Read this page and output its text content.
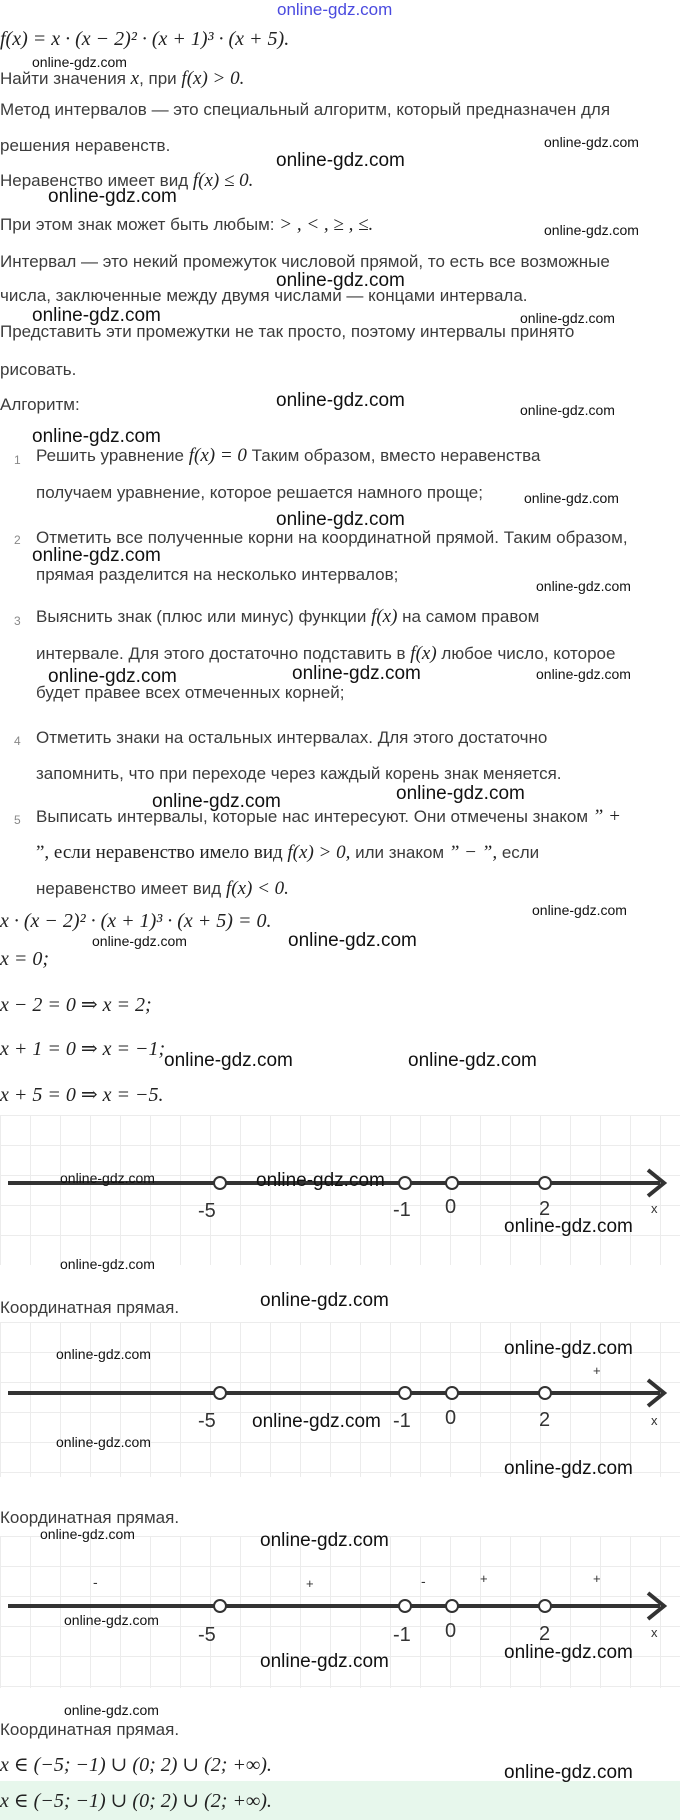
online-gdz.com
f(x) = x · (x − 2)² · (x + 1)³ · (x + 5).
Найти значения x, при f(x) > 0.
Метод интервалов — это специальный алгоритм, который предназначен для
решения неравенств.
Неравенство имеет вид f(x) ≤ 0.
При этом знак может быть любым: > , < , ≥ , ≤.
Интервал — это некий промежуток числовой прямой, то есть все возможные
числа, заключенные между двумя числами — концами интервала.
Представить эти промежутки не так просто, поэтому интервалы принято
рисовать.
Алгоритм:
1 Решить уравнение f(x) = 0 Таким образом, вместо неравенства
получаем уравнение, которое решается намного проще;
2 Отметить все полученные корни на координатной прямой. Таким образом,
прямая разделится на несколько интервалов;
3 Выяснить знак (плюс или минус) функции f(x) на самом правом
интервале. Для этого достаточно подставить в f(x) любое число, которое
будет правее всех отмеченных корней;
4 Отметить знаки на остальных интервалах. Для этого достаточно
запомнить, что при переходе через каждый корень знак меняется.
5 Выписать интервалы, которые нас интересуют. Они отмечены знаком ” +
”, если неравенство имело вид f(x) > 0, или знаком ” − ”, если
неравенство имеет вид f(x) < 0.
x · (x − 2)² · (x + 1)³ · (x + 5) = 0.
x = 0;
x − 2 = 0 ⇒ x = 2;
x + 1 = 0 ⇒ x = −1;
x + 5 = 0 ⇒ x = −5.
-5	-1 0	2	x
Координатная прямая.
+
-5	-1 0	2	x
Координатная прямая.
-	+	-	+	+
-5	-1 0	2	x
Координатная прямая.
x ∈ (−5; −1) ∪ (0; 2) ∪ (2; +∞).
x ∈ (−5; −1) ∪ (0; 2) ∪ (2; +∞).
online-gdz.com
online-gdz.com
online-gdz.com
online-gdz.com
online-gdz.com
online-gdz.com
online-gdz.com	online-gdz.com
online-gdz.com	online-gdz.com
online-gdz.com
online-gdz.com
online-gdz.com
online-gdz.com
online-gdz.com
online-gdz.com	online-gdz.com	online-gdz.com
online-gdz.com
online-gdz.com
online-gdz.com
online-gdz.com
online-gdz.com
online-gdz.com	online-gdz.com
online-gdz.com	online-gdz.com
online-gdz.com
online-gdz.com
online-gdz.com
online-gdz.com	online-gdz.com
online-gdz.com
online-gdz.com
online-gdz.com
online-gdz.com	online-gdz.com
online-gdz.com
online-gdz.com	online-gdz.com
online-gdz.com
online-gdz.com
